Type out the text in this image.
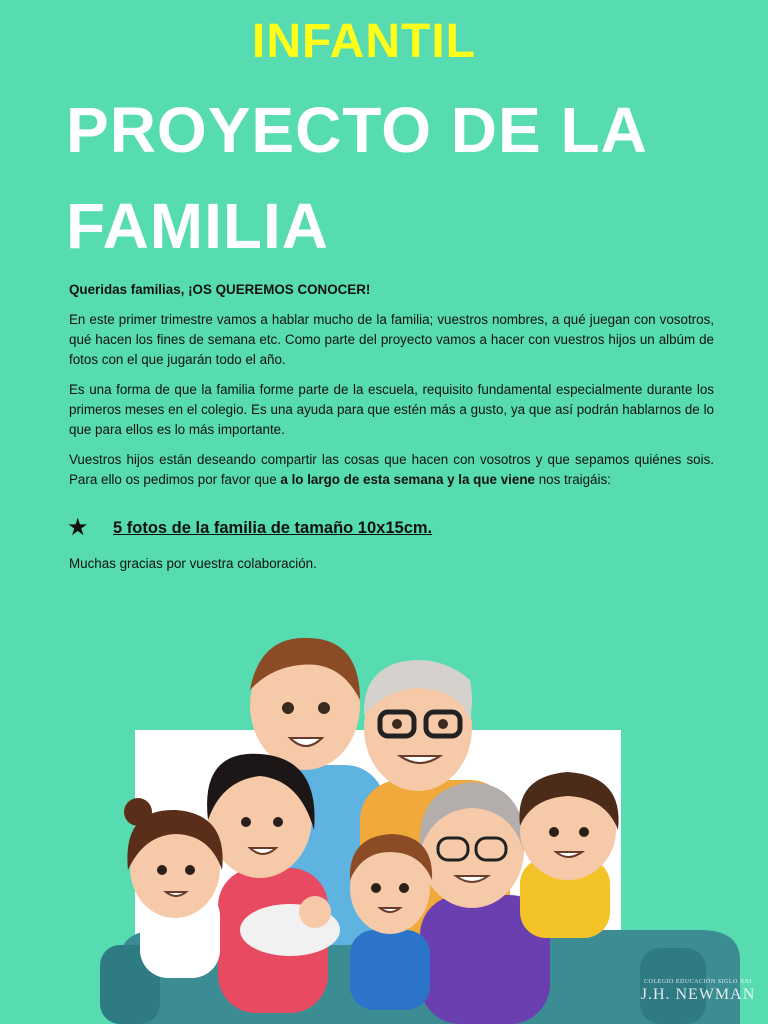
INFANTIL
PROYECTO DE LA FAMILIA

Queridas familias, ¡OS QUEREMOS CONOCER!

En este primer trimestre vamos a hablar mucho de la familia; vuestros nombres, a qué juegan con vosotros, qué hacen los fines de semana etc. Como parte del proyecto vamos a hacer con vuestros hijos un albúm de fotos con el que jugarán todo el año.

Es una forma de que la familia forme parte de la escuela, requisito fundamental especialmente durante los primeros meses en el colegio. Es una ayuda para que estén más a gusto, ya que así podrán hablarnos de lo que para ellos es lo más importante.

Vuestros hijos están deseando compartir las cosas que hacen con vosotros y que sepamos quiénes sois. Para ello os pedimos por favor que a lo largo de esta semana y la que viene nos traigáis:

★	5 fotos de la familia de tamaño 10x15cm.

Muchas gracias por vuestra colaboración.

COLEGIO EDUCACIÓN SIGLO XXI
J.H. NEWMAN
